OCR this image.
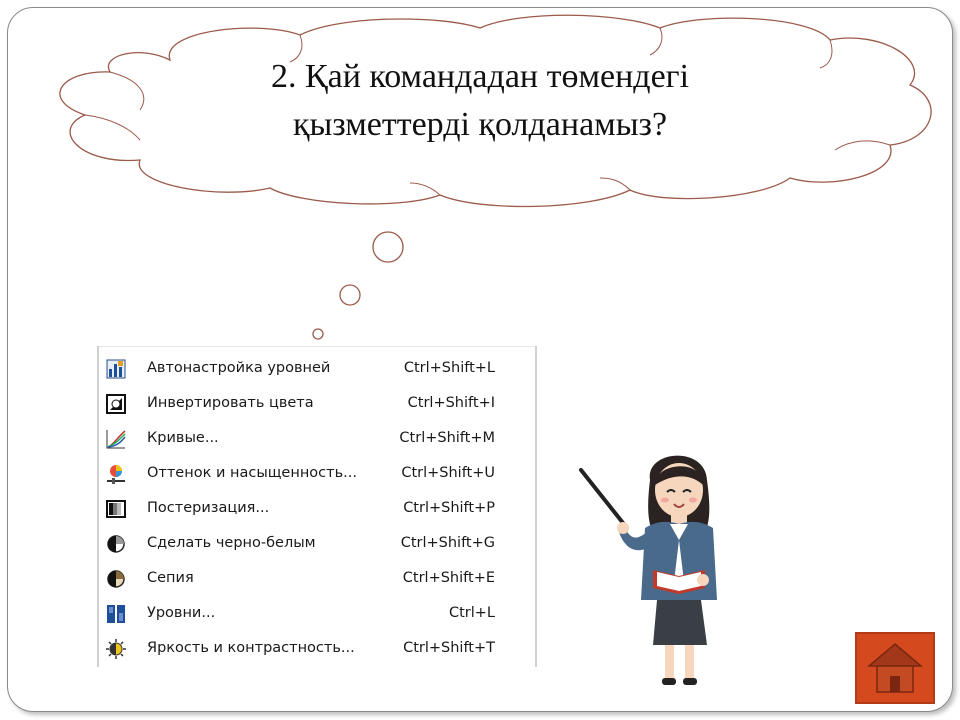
2. Қай командадан төмендегі
қызметтерді қолданамыз?
Автонастройка уровней	Ctrl+Shift+L
Инвертировать цвета	Ctrl+Shift+I
Кривые...	Ctrl+Shift+M
Оттенок и насыщенность...	Ctrl+Shift+U
Постеризация...	Ctrl+Shift+P
Сделать черно-белым	Ctrl+Shift+G
Сепия	Ctrl+Shift+E
Уровни...	Ctrl+L
Яркость и контрастность...	Ctrl+Shift+T
